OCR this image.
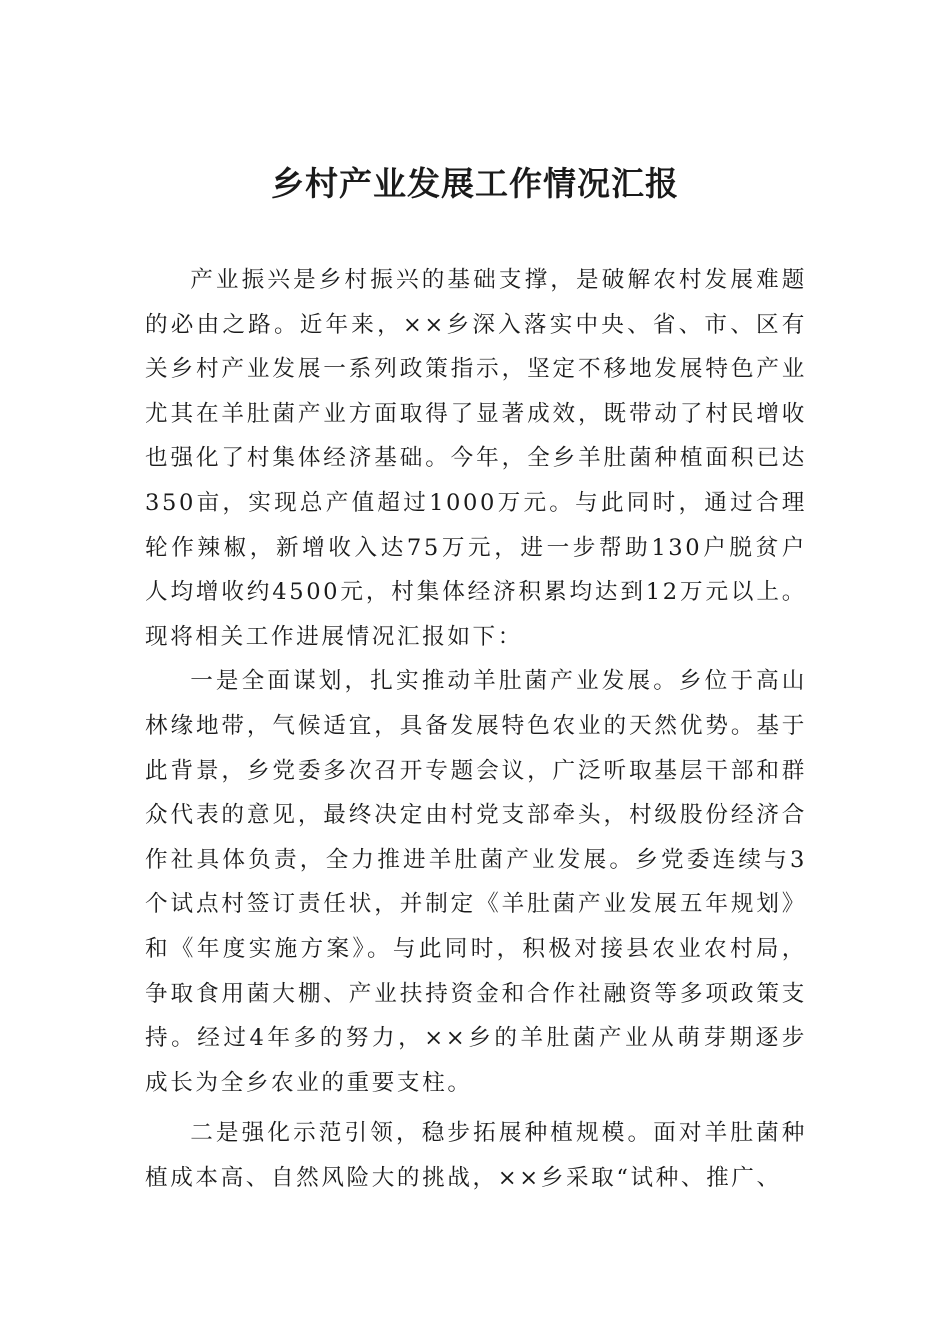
乡村产业发展工作情况汇报

产业振兴是乡村振兴的基础支撑，是破解农村发展难题的必由之路。近年来，××乡深入落实中央、省、市、区有关乡村产业发展一系列政策指示，坚定不移地发展特色产业尤其在羊肚菌产业方面取得了显著成效，既带动了村民增收也强化了村集体经济基础。今年，全乡羊肚菌种植面积已达350亩，实现总产值超过1000万元。与此同时，通过合理轮作辣椒，新增收入达75万元，进一步帮助130户脱贫户人均增收约4500元，村集体经济积累均达到12万元以上。现将相关工作进展情况汇报如下：

一是全面谋划，扎实推动羊肚菌产业发展。乡位于高山林缘地带，气候适宜，具备发展特色农业的天然优势。基于此背景，乡党委多次召开专题会议，广泛听取基层干部和群众代表的意见，最终决定由村党支部牵头，村级股份经济合作社具体负责，全力推进羊肚菌产业发展。乡党委连续与3个试点村签订责任状，并制定《羊肚菌产业发展五年规划》和《年度实施方案》。与此同时，积极对接县农业农村局，争取食用菌大棚、产业扶持资金和合作社融资等多项政策支持。经过4年多的努力，××乡的羊肚菌产业从萌芽期逐步成长为全乡农业的重要支柱。

二是强化示范引领，稳步拓展种植规模。面对羊肚菌种植成本高、自然风险大的挑战，××乡采取“试种、推广、
